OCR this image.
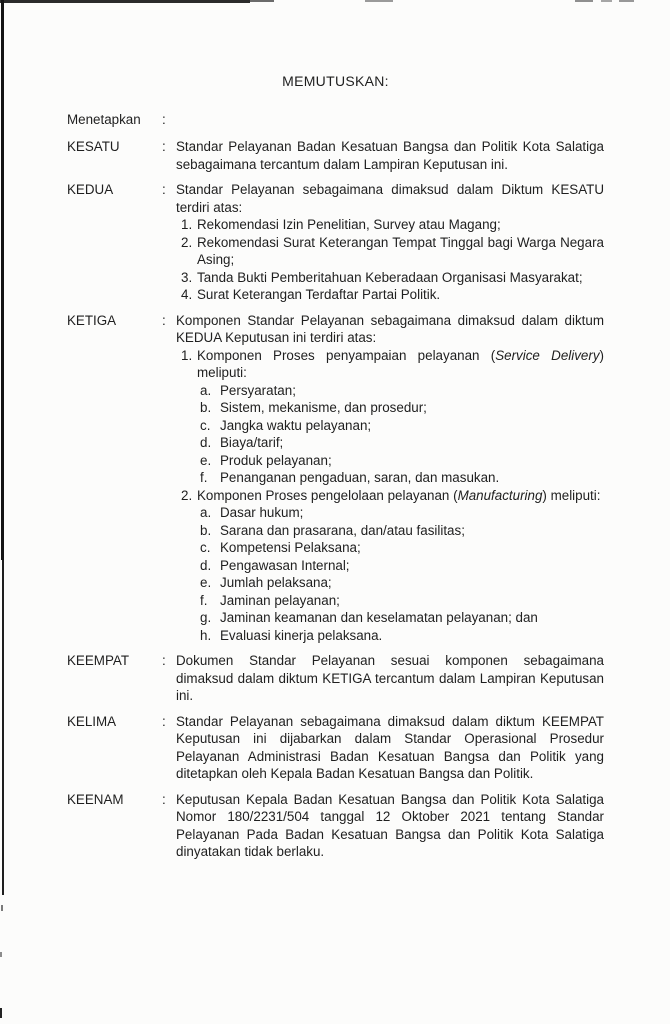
MEMUTUSKAN:
Menetapkan	:
KESATU	: Standar Pelayanan Badan Kesatuan Bangsa dan Politik Kota Salatiga sebagaimana tercantum dalam Lampiran Keputusan ini.
KEDUA	: Standar Pelayanan sebagaimana dimaksud dalam Diktum KESATU terdiri atas:
1. Rekomendasi Izin Penelitian, Survey atau Magang;
2. Rekomendasi Surat Keterangan Tempat Tinggal bagi Warga Negara Asing;
3. Tanda Bukti Pemberitahuan Keberadaan Organisasi Masyarakat;
4. Surat Keterangan Terdaftar Partai Politik.
KETIGA	: Komponen Standar Pelayanan sebagaimana dimaksud dalam diktum KEDUA Keputusan ini terdiri atas:
1. Komponen Proses penyampaian pelayanan (Service Delivery) meliputi:
a. Persyaratan;
b. Sistem, mekanisme, dan prosedur;
c. Jangka waktu pelayanan;
d. Biaya/tarif;
e. Produk pelayanan;
f. Penanganan pengaduan, saran, dan masukan.
2. Komponen Proses pengelolaan pelayanan (Manufacturing) meliputi:
a. Dasar hukum;
b. Sarana dan prasarana, dan/atau fasilitas;
c. Kompetensi Pelaksana;
d. Pengawasan Internal;
e. Jumlah pelaksana;
f. Jaminan pelayanan;
g. Jaminan keamanan dan keselamatan pelayanan; dan
h. Evaluasi kinerja pelaksana.
KEEMPAT	: Dokumen Standar Pelayanan sesuai komponen sebagaimana dimaksud dalam diktum KETIGA tercantum dalam Lampiran Keputusan ini.
KELIMA	: Standar Pelayanan sebagaimana dimaksud dalam diktum KEEMPAT Keputusan ini dijabarkan dalam Standar Operasional Prosedur Pelayanan Administrasi Badan Kesatuan Bangsa dan Politik yang ditetapkan oleh Kepala Badan Kesatuan Bangsa dan Politik.
KEENAM	: Keputusan Kepala Badan Kesatuan Bangsa dan Politik Kota Salatiga Nomor 180/2231/504 tanggal 12 Oktober 2021 tentang Standar Pelayanan Pada Badan Kesatuan Bangsa dan Politik Kota Salatiga dinyatakan tidak berlaku.
